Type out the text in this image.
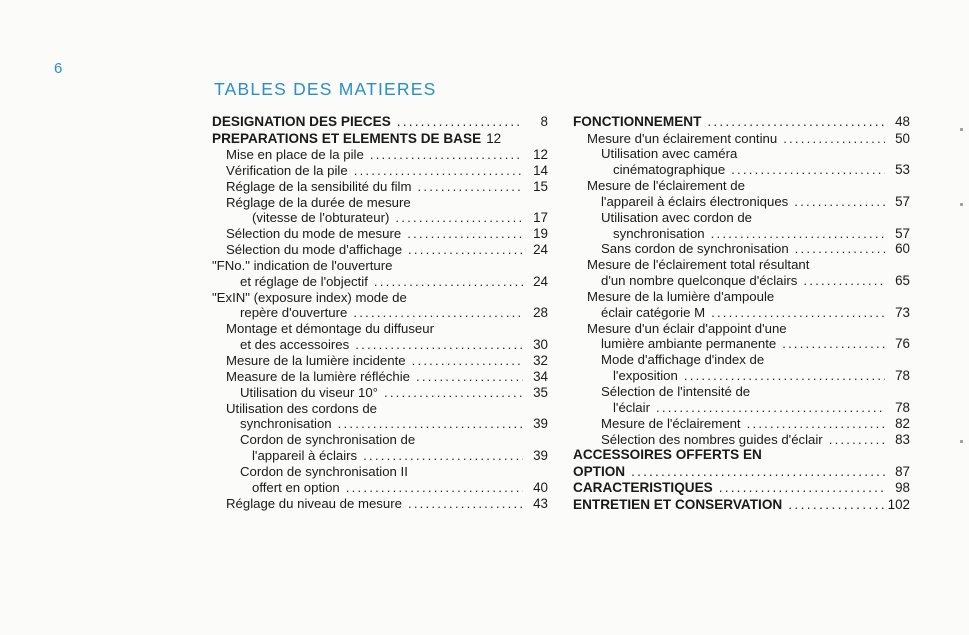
6
TABLES DES MATIERES
DESIGNATION DES PIECES .....	8
PREPARATIONS ET ELEMENTS DE BASE 12
Mise en place de la pile .....	12
Vérification de la pile .....	14
Réglage de la sensibilité du film .....	15
Réglage de la durée de mesure
(vitesse de l'obturateur) .....	17
Sélection du mode de mesure .....	19
Sélection du mode d'affichage .....	24
"FNo." indication de l'ouverture
et réglage de l'objectif .....	24
"ExIN" (exposure index) mode de
repère d'ouverture .....	28
Montage et démontage du diffuseur
et des accessoires .....	30
Mesure de la lumière incidente .....	32
Measure de la lumière réfléchie .....	34
Utilisation du viseur 10° .....	35
Utilisation des cordons de
synchronisation .....	39
Cordon de synchronisation de
l'appareil à éclairs .....	39
Cordon de synchronisation II
offert en option .....	40
Réglage du niveau de mesure .....	43
FONCTIONNEMENT .....	48
Mesure d'un éclairement continu .....	50
Utilisation avec caméra
cinématographique .....	53
Mesure de l'éclairement de
l'appareil à éclairs électroniques .....	57
Utilisation avec cordon de
synchronisation .....	57
Sans cordon de synchronisation .....	60
Mesure de l'éclairement total résultant
d'un nombre quelconque d'éclairs .....	65
Mesure de la lumière d'ampoule
éclair catégorie M .....	73
Mesure d'un éclair d'appoint d'une
lumière ambiante permanente .....	76
Mode d'affichage d'index de
l'exposition .....	78
Sélection de l'intensité de
l'éclair .....	78
Mesure de l'éclairement .....	82
Sélection des nombres guides d'éclair .....	83
ACCESSOIRES OFFERTS EN
OPTION .....	87
CARACTERISTIQUES .....	98
ENTRETIEN ET CONSERVATION .....	102
